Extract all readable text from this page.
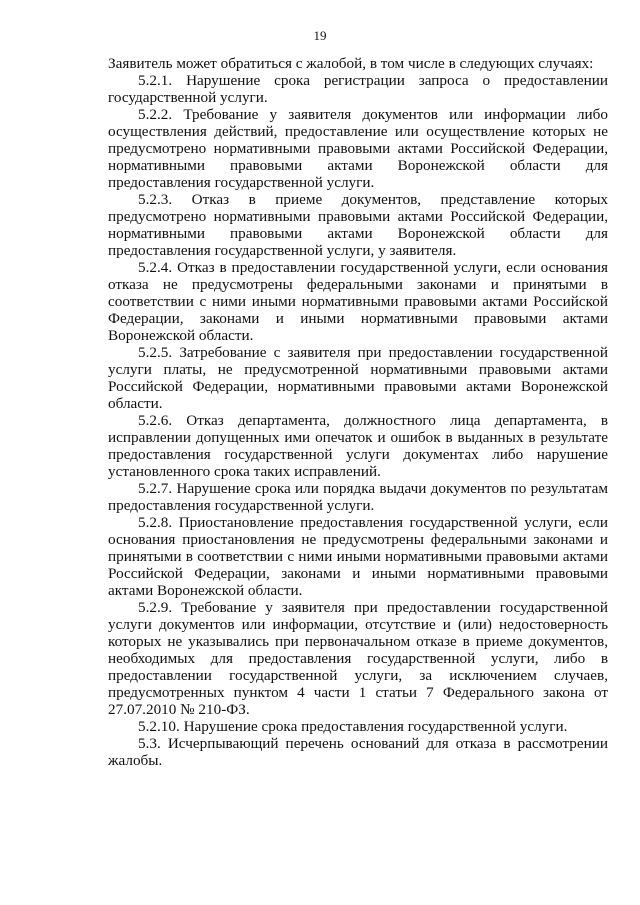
19

Заявитель может обратиться с жалобой, в том числе в следующих случаях:

5.2.1. Нарушение срока регистрации запроса о предоставлении государственной услуги.

5.2.2. Требование у заявителя документов или информации либо осуществления действий, предоставление или осуществление которых не предусмотрено нормативными правовыми актами Российской Федерации, нормативными правовыми актами Воронежской области для предоставления государственной услуги.

5.2.3. Отказ в приеме документов, представление которых предусмотрено нормативными правовыми актами Российской Федерации, нормативными правовыми актами Воронежской области для предоставления государственной услуги, у заявителя.

5.2.4. Отказ в предоставлении государственной услуги, если основания отказа не предусмотрены федеральными законами и принятыми в соответствии с ними иными нормативными правовыми актами Российской Федерации, законами и иными нормативными правовыми актами Воронежской области.

5.2.5. Затребование с заявителя при предоставлении государственной услуги платы, не предусмотренной нормативными правовыми актами Российской Федерации, нормативными правовыми актами Воронежской области.

5.2.6. Отказ департамента, должностного лица департамента, в исправлении допущенных ими опечаток и ошибок в выданных в результате предоставления государственной услуги документах либо нарушение установленного срока таких исправлений.

5.2.7. Нарушение срока или порядка выдачи документов по результатам предоставления государственной услуги.

5.2.8. Приостановление предоставления государственной услуги, если основания приостановления не предусмотрены федеральными законами и принятыми в соответствии с ними иными нормативными правовыми актами Российской Федерации, законами и иными нормативными правовыми актами Воронежской области.

5.2.9. Требование у заявителя при предоставлении государственной услуги документов или информации, отсутствие и (или) недостоверность которых не указывались при первоначальном отказе в приеме документов, необходимых для предоставления государственной услуги, либо в предоставлении государственной услуги, за исключением случаев, предусмотренных пунктом 4 части 1 статьи 7 Федерального закона от 27.07.2010 № 210-ФЗ.

5.2.10. Нарушение срока предоставления государственной услуги.

5.3. Исчерпывающий перечень оснований для отказа в рассмотрении жалобы.
